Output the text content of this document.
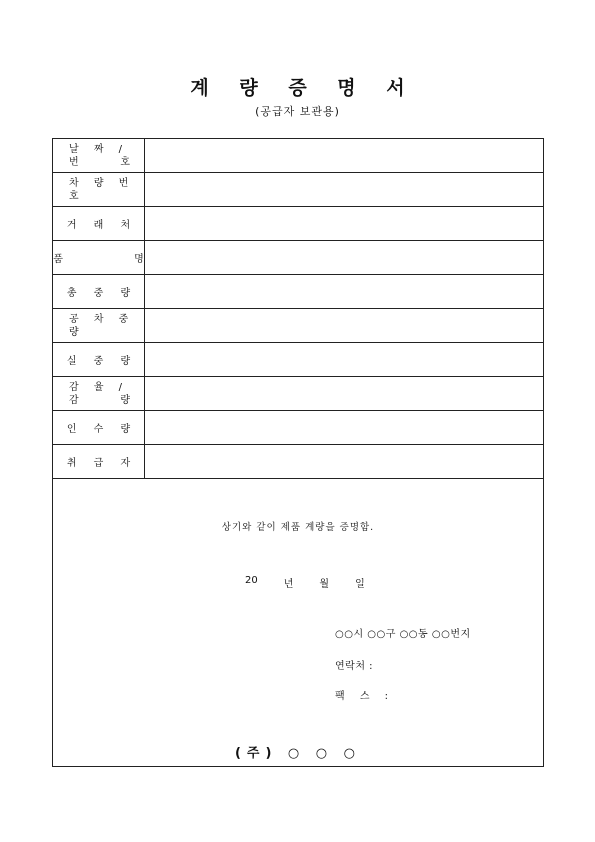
계 량 증 명 서
(공급자 보관용)
날 짜 /
번	호
차 량 번
호
거 래 처
품 명
총 중 량
공 차 중
량
실 중 량
감 율 /
감	량
인 수 량
취 급 자
상기와 같이 제품 계량을 증명함.
20	년	월	일
○○시 ○○구 ○○동 ○○번지
연락처 :
팩 스 :
(주) ○ ○ ○
